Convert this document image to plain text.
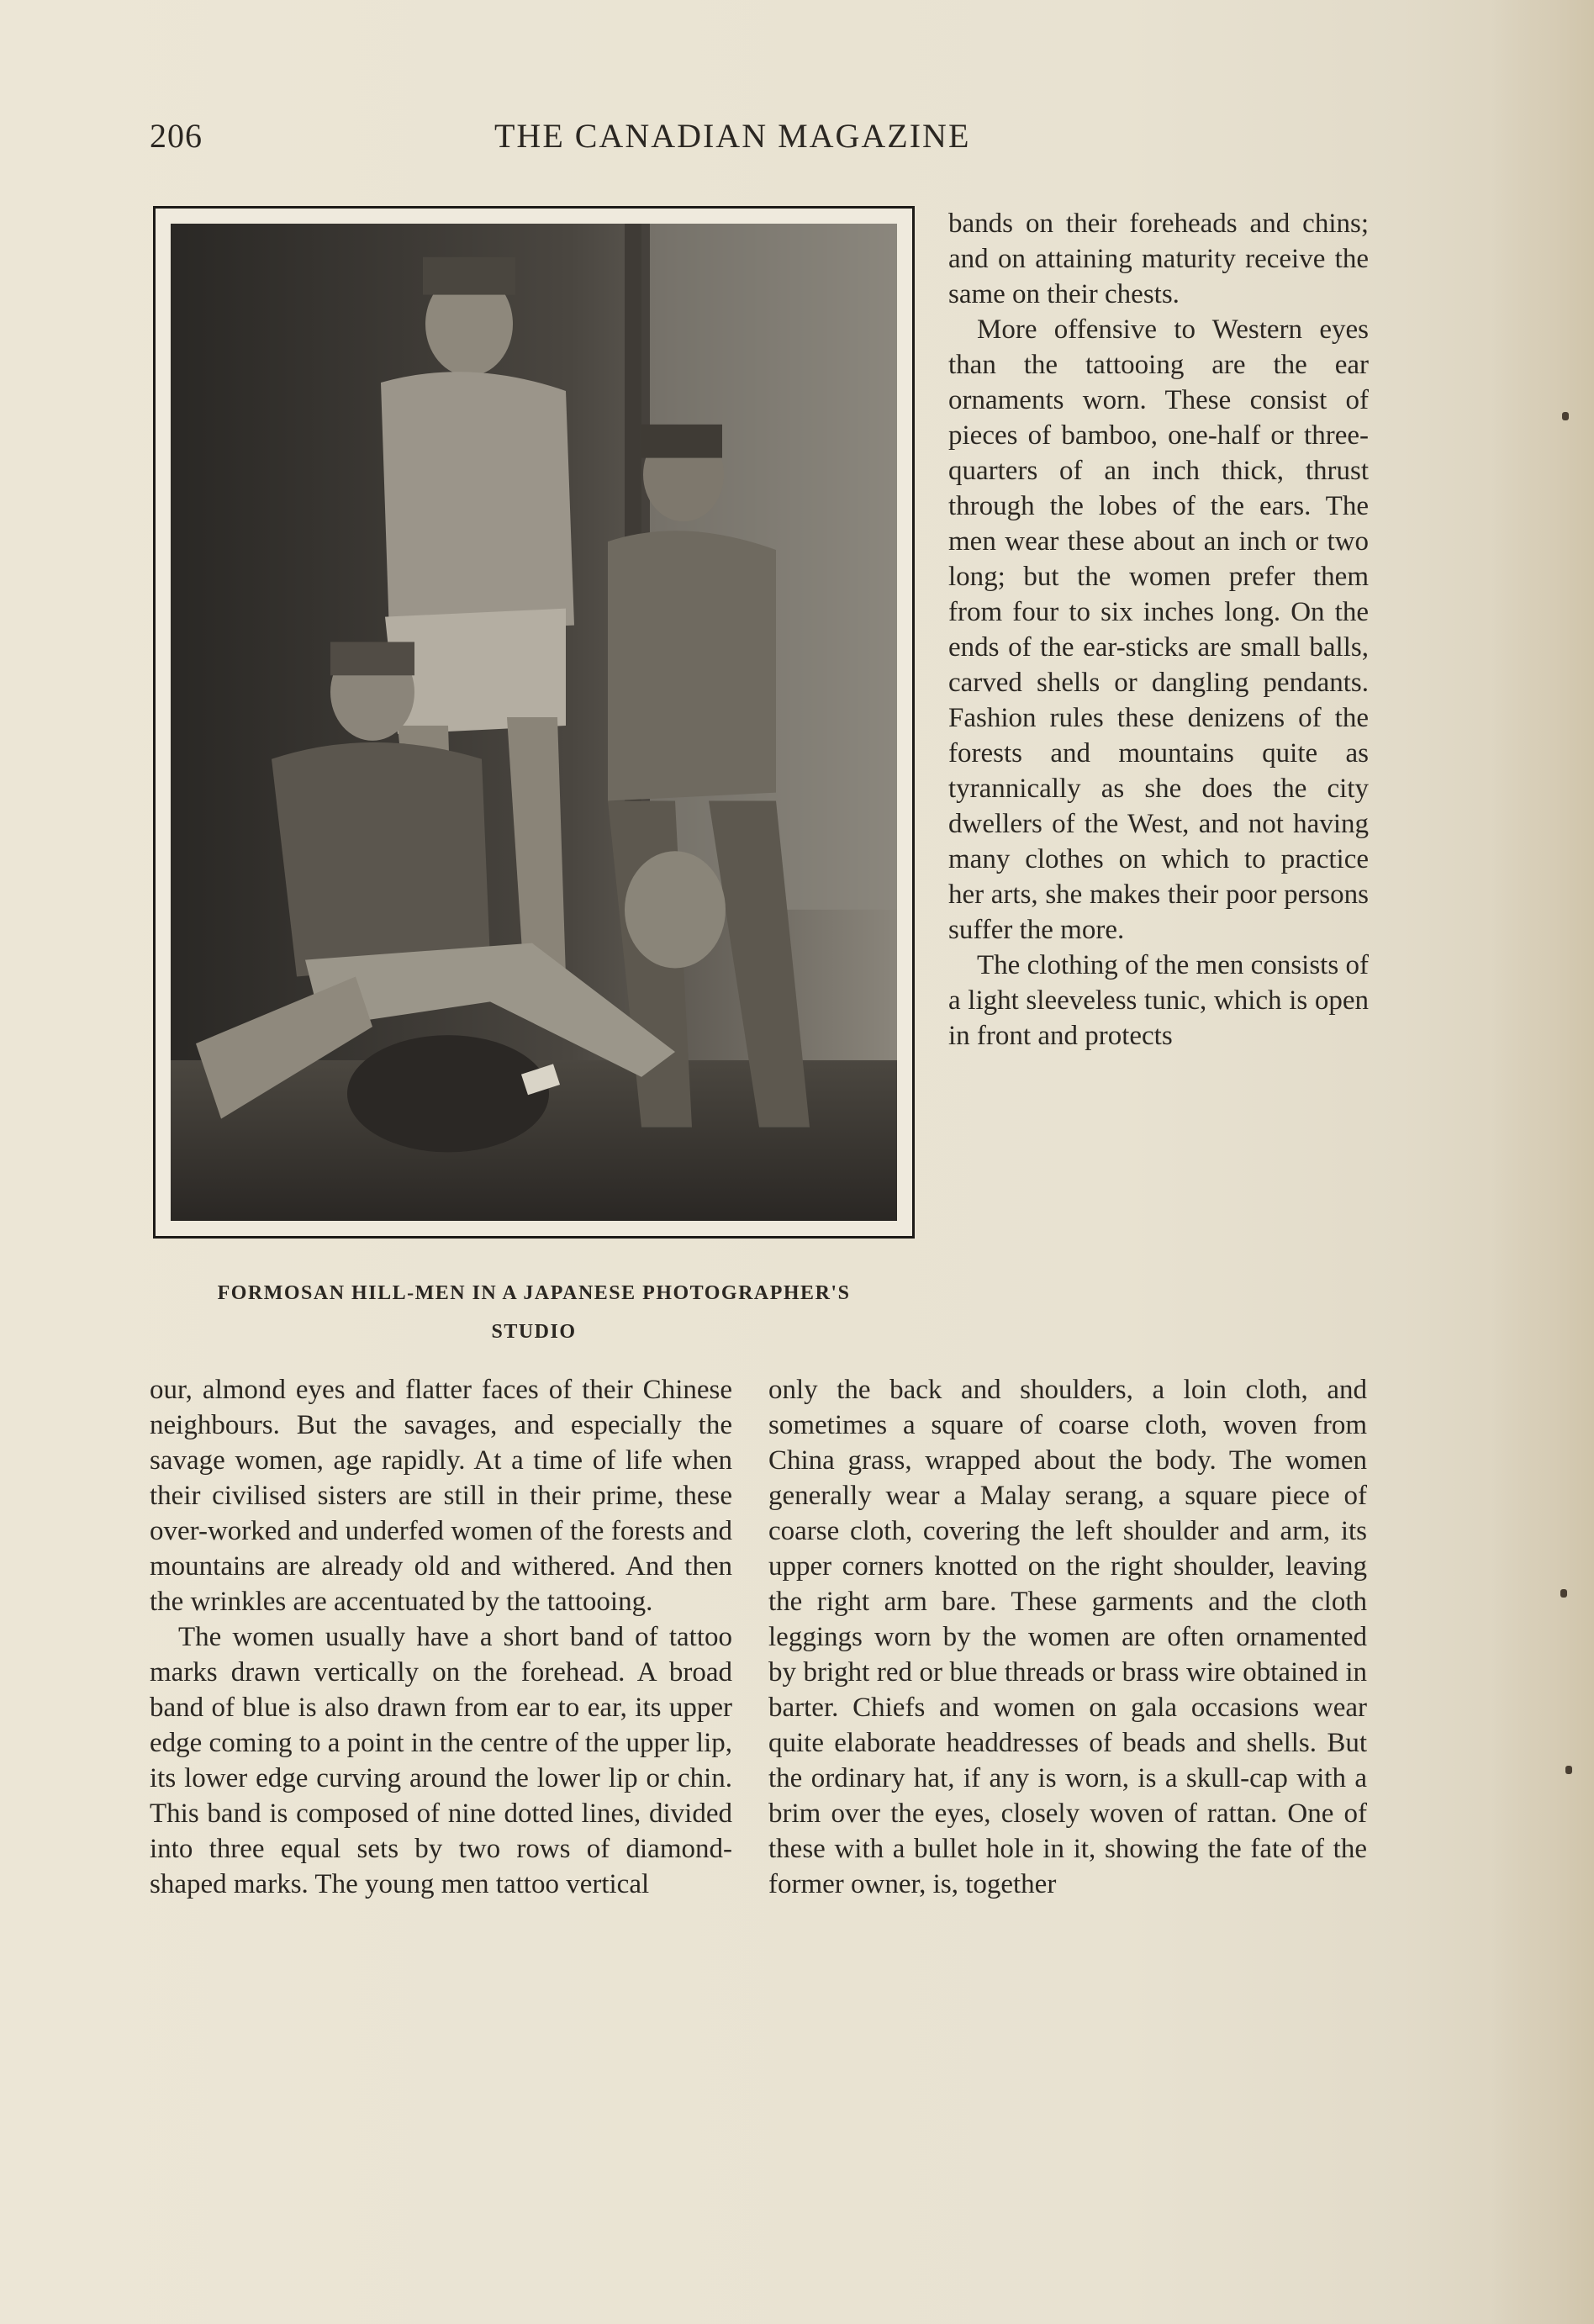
206	THE CANADIAN MAGAZINE
FORMOSAN HILL-MEN IN A JAPANESE PHOTOGRAPHER'S
STUDIO

bands on their foreheads and chins; and on attaining maturity receive the same on their chests.

More offensive to Western eyes than the tattooing are the ear ornaments worn. These consist of pieces of bamboo, one-half or three-quarters of an inch thick, thrust through the lobes of the ears. The men wear these about an inch or two long; but the women prefer them from four to six inches long. On the ends of the ear-sticks are small balls, carved shells or dangling pendants. Fashion rules these denizens of the forests and mountains quite as tyrannically as she does the city dwellers of the West, and not having many clothes on which to practice her arts, she makes their poor persons suffer the more.

The clothing of the men consists of a light sleeveless tunic, which is open in front and protects

our, almond eyes and flatter faces of their Chinese neighbours. But the savages, and especially the savage women, age rapidly. At a time of life when their civilised sisters are still in their prime, these over-worked and underfed women of the forests and mountains are already old and withered. And then the wrinkles are accentuated by the tattooing.

The women usually have a short band of tattoo marks drawn vertically on the forehead. A broad band of blue is also drawn from ear to ear, its upper edge coming to a point in the centre of the upper lip, its lower edge curving around the lower lip or chin. This band is composed of nine dotted lines, divided into three equal sets by two rows of diamond-shaped marks. The young men tattoo vertical

only the back and shoulders, a loin cloth, and sometimes a square of coarse cloth, woven from China grass, wrapped about the body. The women generally wear a Malay serang, a square piece of coarse cloth, covering the left shoulder and arm, its upper corners knotted on the right shoulder, leaving the right arm bare. These garments and the cloth leggings worn by the women are often ornamented by bright red or blue threads or brass wire obtained in barter. Chiefs and women on gala occasions wear quite elaborate headdresses of beads and shells. But the ordinary hat, if any is worn, is a skull-cap with a brim over the eyes, closely woven of rattan. One of these with a bullet hole in it, showing the fate of the former owner, is, together
